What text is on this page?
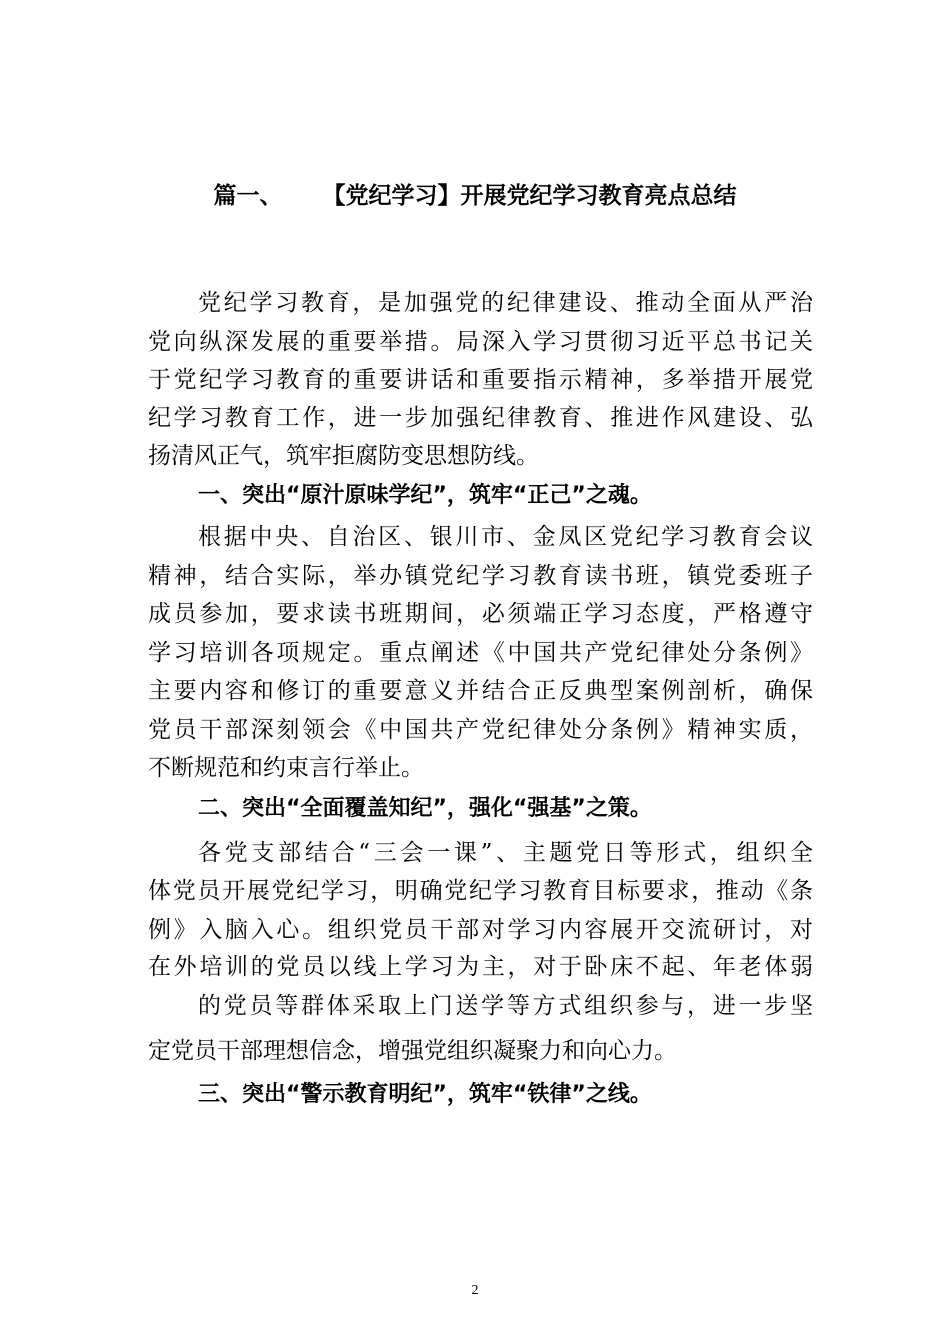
篇一、 【党纪学习】开展党纪学习教育亮点总结
党纪学习教育，是加强党的纪律建设、推动全面从严治
党向纵深发展的重要举措。局深入学习贯彻习近平总书记关
于党纪学习教育的重要讲话和重要指示精神，多举措开展党
纪学习教育工作，进一步加强纪律教育、推进作风建设、弘
扬清风正气，筑牢拒腐防变思想防线。
一、突出“原汁原味学纪”，筑牢“正己”之魂。
根据中央、自治区、银川市、金凤区党纪学习教育会议
精神，结合实际，举办镇党纪学习教育读书班，镇党委班子
成员参加，要求读书班期间，必须端正学习态度，严格遵守
学习培训各项规定。重点阐述《中国共产党纪律处分条例》
主要内容和修订的重要意义并结合正反典型案例剖析，确保
党员干部深刻领会《中国共产党纪律处分条例》精神实质，
不断规范和约束言行举止。
二、突出“全面覆盖知纪”，强化“强基”之策。
各党支部结合“三会一课”、主题党日等形式，组织全
体党员开展党纪学习，明确党纪学习教育目标要求，推动《条
例》入脑入心。组织党员干部对学习内容展开交流研讨，对
在外培训的党员以线上学习为主，对于卧床不起、年老体弱
的党员等群体采取上门送学等方式组织参与，进一步坚
定党员干部理想信念，增强党组织凝聚力和向心力。
三、突出“警示教育明纪”，筑牢“铁律”之线。
2
